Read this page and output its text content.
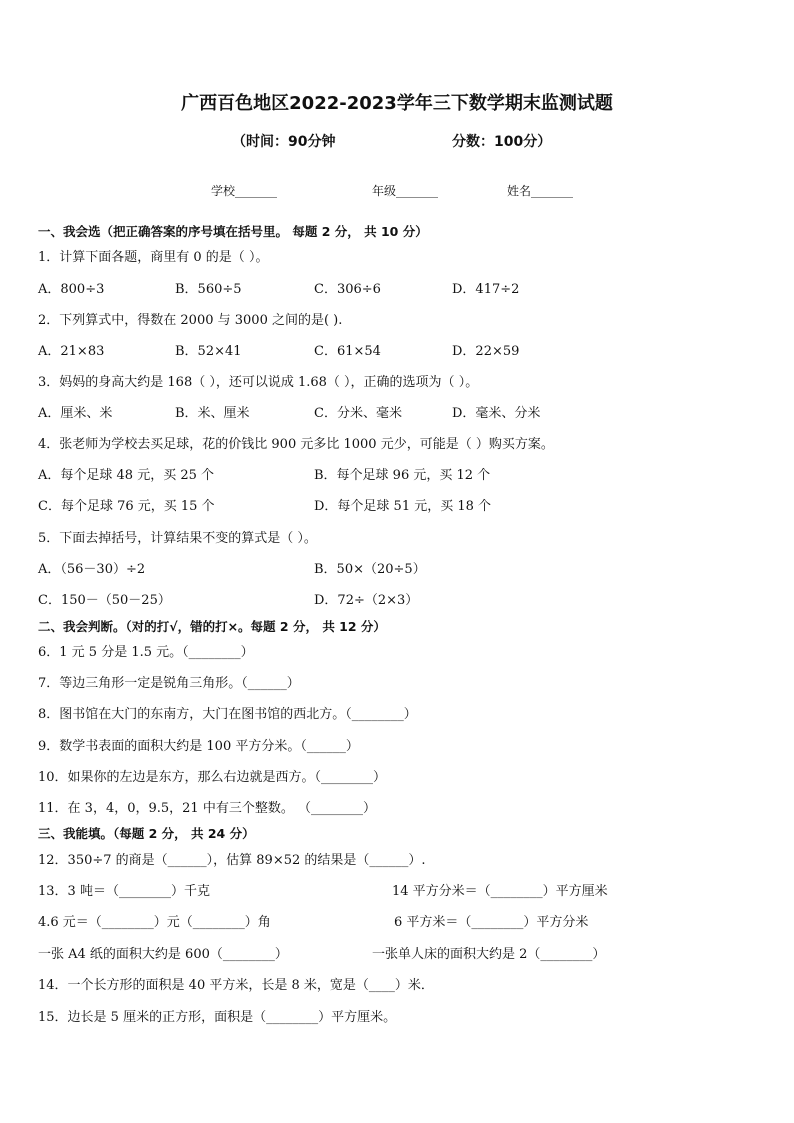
广西百色地区2022-2023学年三下数学期末监测试题
（时间：90分钟	分数：100分）
学校_______	年级_______	姓名_______
一、我会选（把正确答案的序号填在括号里。 每题 2 分， 共 10 分）
1．计算下面各题，商里有 0 的是（ ）。
A．800÷3	B．560÷5	C．306÷6	D．417÷2
2．下列算式中，得数在 2000 与 3000 之间的是( ).
A．21×83	B．52×41	C．61×54	D．22×59
3．妈妈的身高大约是 168（ ），还可以说成 1.68（ ），正确的选项为（ ）。
A．厘米、米	B．米、厘米	C．分米、毫米	D．毫米、分米
4．张老师为学校去买足球，花的价钱比 900 元多比 1000 元少，可能是（ ）购买方案。
A．每个足球 48 元，买 25 个	B．每个足球 96 元，买 12 个
C．每个足球 76 元，买 15 个	D．每个足球 51 元，买 18 个
5．下面去掉括号，计算结果不变的算式是（ ）。
A．（56－30）÷2	B．50×（20÷5）
C．150－（50－25）	D．72÷（2×3）
二、我会判断。（对的打√，错的打×。每题 2 分， 共 12 分）
6．1 元 5 分是 1.5 元。（________）
7．等边三角形一定是锐角三角形。（______）
8．图书馆在大门的东南方，大门在图书馆的西北方。（________）
9．数学书表面的面积大约是 100 平方分米。（______）
10．如果你的左边是东方，那么右边就是西方。（________）
11．在 3，4，0，9.5，21 中有三个整数。 （________）
三、我能填。（每题 2 分， 共 24 分）
12．350÷7 的商是（______），估算 89×52 的结果是（______）.
13．3 吨＝（________）千克	14 平方分米＝（________）平方厘米
4.6 元＝（________）元（________）角	6 平方米＝（________）平方分米
一张 A4 纸的面积大约是 600（________）	一张单人床的面积大约是 2（________）
14．一个长方形的面积是 40 平方米，长是 8 米，宽是（____）米．
15．边长是 5 厘米的正方形，面积是（________）平方厘米。
